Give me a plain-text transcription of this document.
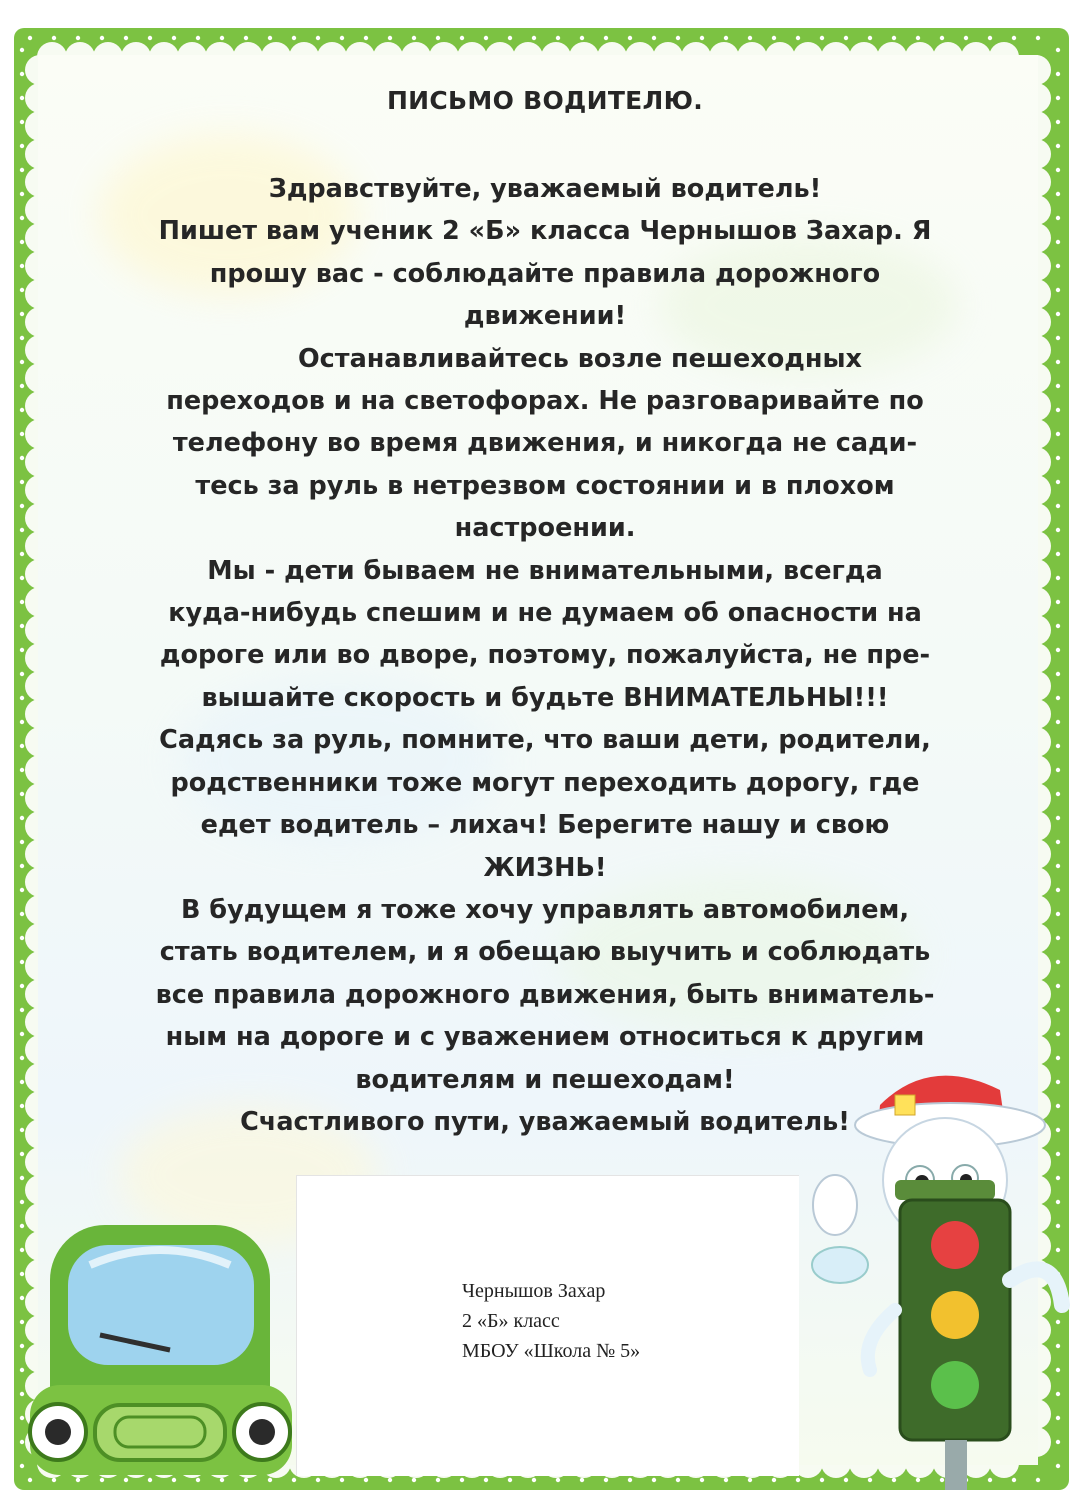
ПИСЬМО ВОДИТЕЛЮ.
Здравствуйте, уважаемый водитель!
Пишет вам ученик 2 «Б» класса Чернышов Захар. Я
прошу вас - соблюдайте правила дорожного
движении!
Останавливайтесь возле пешеходных
переходов и на светофорах. Не разговаривайте по
телефону во время движения, и никогда не сади-
тесь за руль в нетрезвом состоянии и в плохом
настроении.
Мы - дети бываем не внимательными, всегда
куда-нибудь спешим и не думаем об опасности на
дороге или во дворе, поэтому, пожалуйста, не пре-
вышайте скорость и будьте ВНИМАТЕЛЬНЫ!!!
Садясь за руль, помните, что ваши дети, родители,
родственники тоже могут переходить дорогу, где
едет водитель – лихач! Берегите нашу и свою
ЖИЗНЬ!
В будущем я тоже хочу управлять автомобилем,
стать водителем, и я обещаю выучить и соблюдать
все правила дорожного движения, быть вниматель-
ным на дороге и с уважением относиться к другим
водителям и пешеходам!
Счастливого пути, уважаемый водитель!
Чернышов Захар
2 «Б» класс
МБОУ «Школа № 5»
